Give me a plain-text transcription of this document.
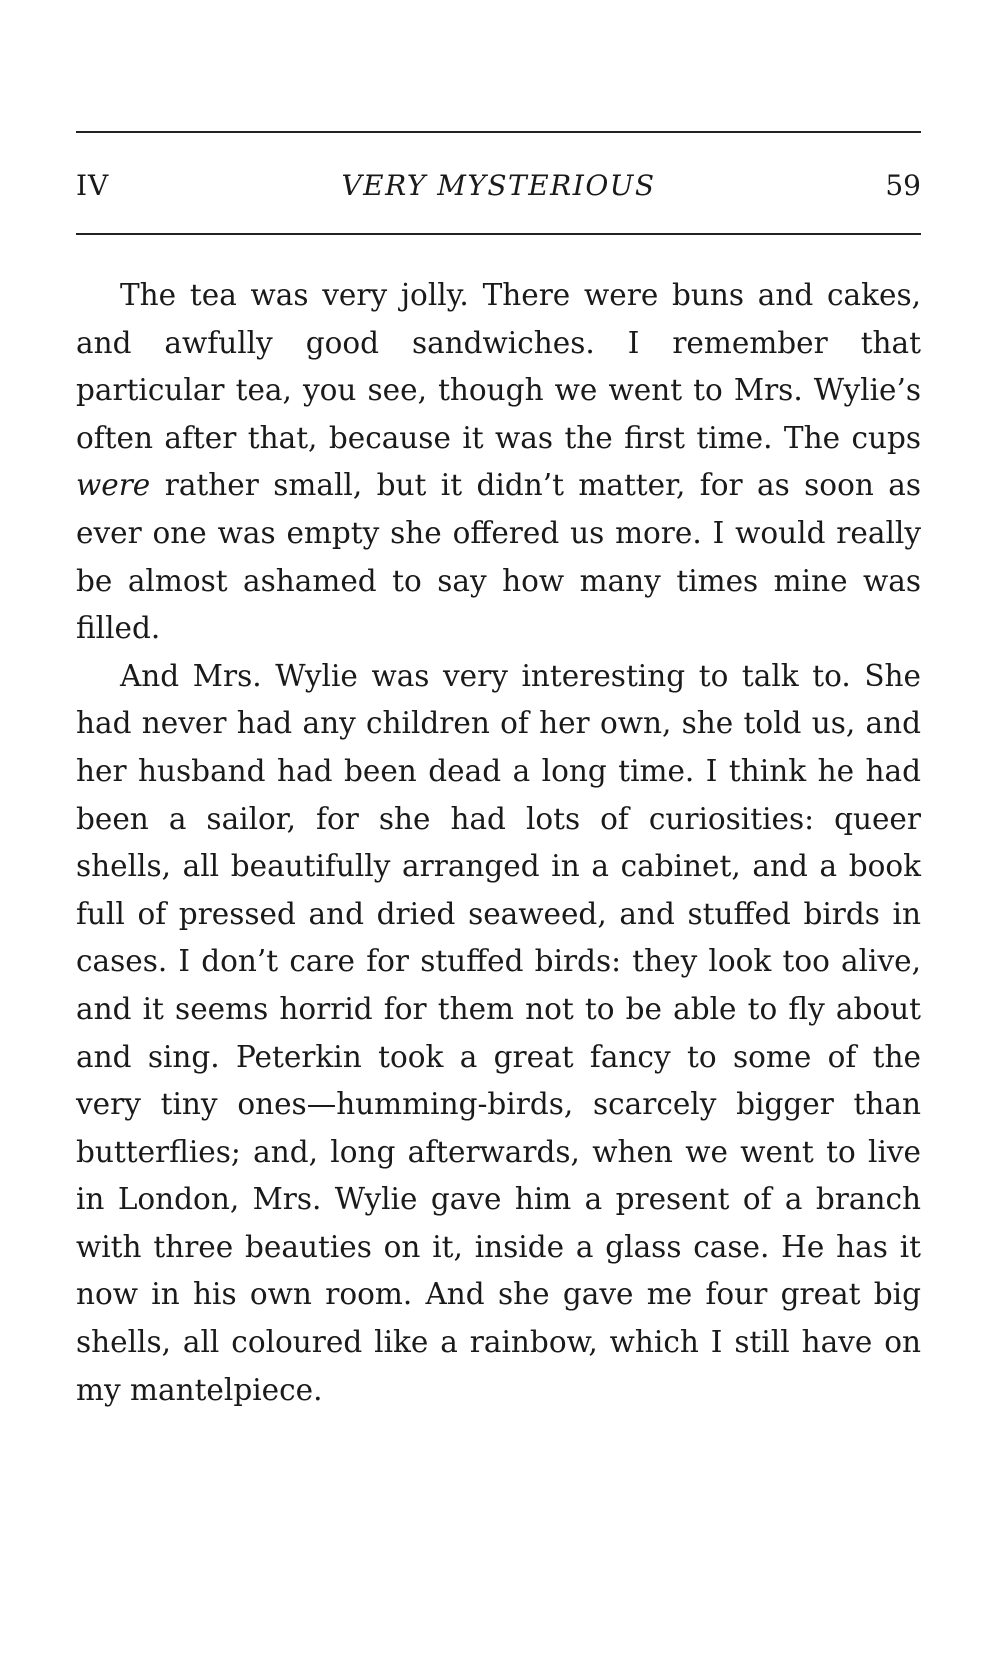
IV	VERY MYSTERIOUS	59

The tea was very jolly. There were buns and cakes, and awfully good sandwiches. I remember that particular tea, you see, though we went to Mrs. Wylie’s often after that, because it was the first time. The cups were rather small, but it didn’t matter, for as soon as ever one was empty she offered us more. I would really be almost ashamed to say how many times mine was filled.

And Mrs. Wylie was very interesting to talk to. She had never had any children of her own, she told us, and her husband had been dead a long time. I think he had been a sailor, for she had lots of curiosities: queer shells, all beautifully arranged in a cabinet, and a book full of pressed and dried seaweed, and stuffed birds in cases. I don’t care for stuffed birds: they look too alive, and it seems horrid for them not to be able to fly about and sing. Peterkin took a great fancy to some of the very tiny ones—humming-birds, scarcely bigger than butterflies; and, long afterwards, when we went to live in London, Mrs. Wylie gave him a present of a branch with three beauties on it, inside a glass case. He has it now in his own room. And she gave me four great big shells, all coloured like a rainbow, which I still have on my mantelpiece.
